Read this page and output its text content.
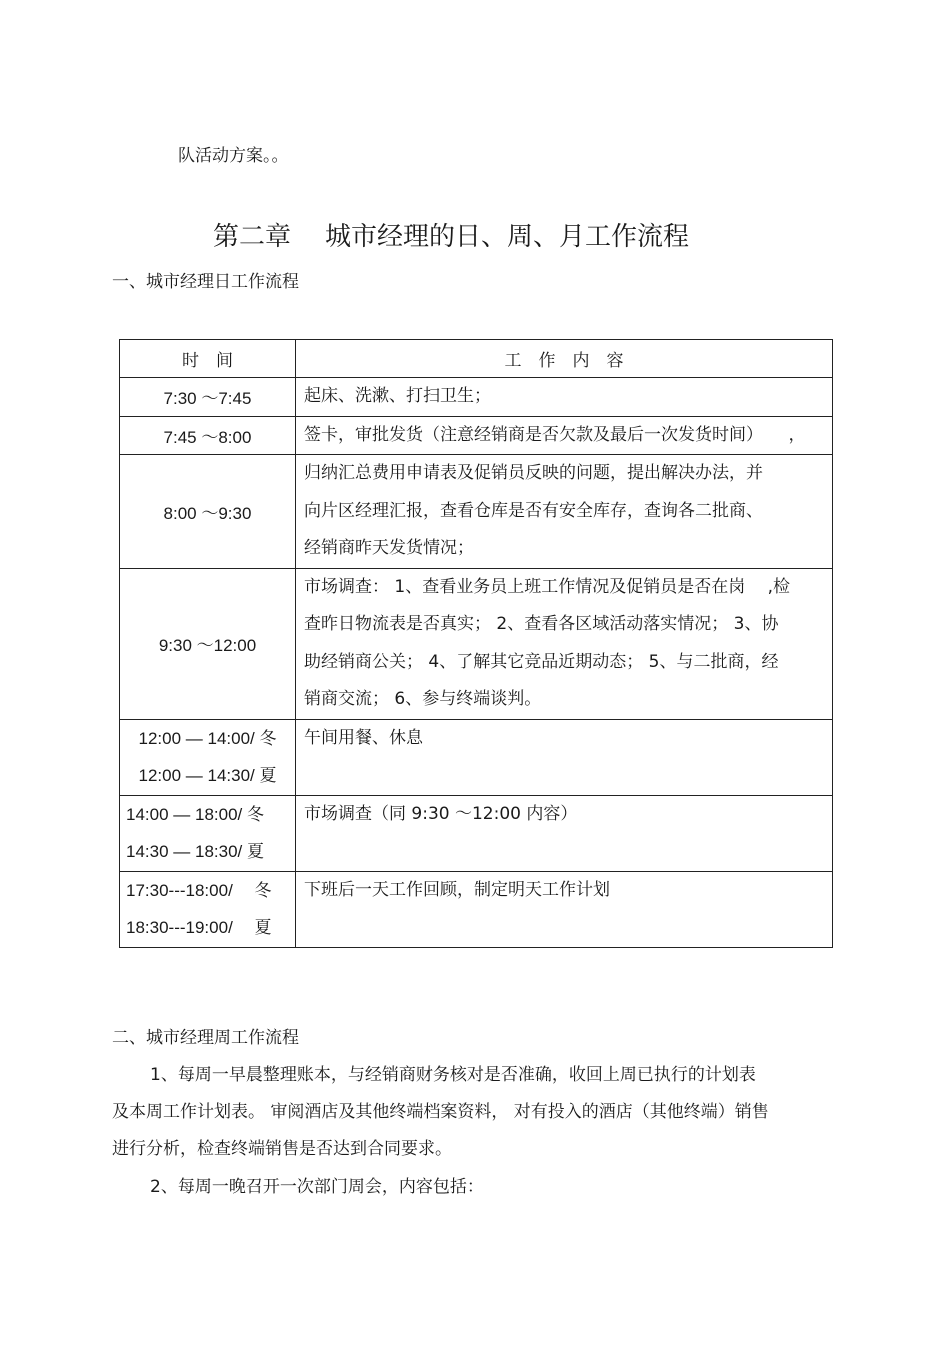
队活动方案。。
第二章 城市经理的日、周、月工作流程
一、城市经理日工作流程
时　间	工　作　内　容
7:30 ～7:45	起床、洗漱、打扫卫生；

7:45 ～8:00	签卡，审批发货（注意经销商是否欠款及最后一次发货时间）　　，

8:00 ～9:30	归纳汇总费用申请表及促销员反映的问题，提出解决办法，并
向片区经理汇报，查看仓库是否有安全库存，查询各二批商、
经销商昨天发货情况；

9:30 ～12:00	市场调查： 1、查看业务员上班工作情况及促销员是否在岗　 ,检
查昨日物流表是否真实； 2、查看各区域活动落实情况； 3、协
助经销商公关； 4、了解其它竞品近期动态； 5、与二批商，经
销商交流； 6、参与终端谈判。

12:00 — 14:00/ 冬
12:00 — 14:30/ 夏	午间用餐、休息

14:00 — 18:00/ 冬
14:30 — 18:30/ 夏	市场调查（同 9:30 ～12:00 内容）

17:30---18:00/　 冬
18:30---19:00/　 夏	下班后一天工作回顾，制定明天工作计划
二、城市经理周工作流程
1、每周一早晨整理账本，与经销商财务核对是否准确，收回上周已执行的计划表
及本周工作计划表。 审阅酒店及其他终端档案资料， 对有投入的酒店（其他终端）销售
进行分析，检查终端销售是否达到合同要求。
2、每周一晚召开一次部门周会，内容包括：
